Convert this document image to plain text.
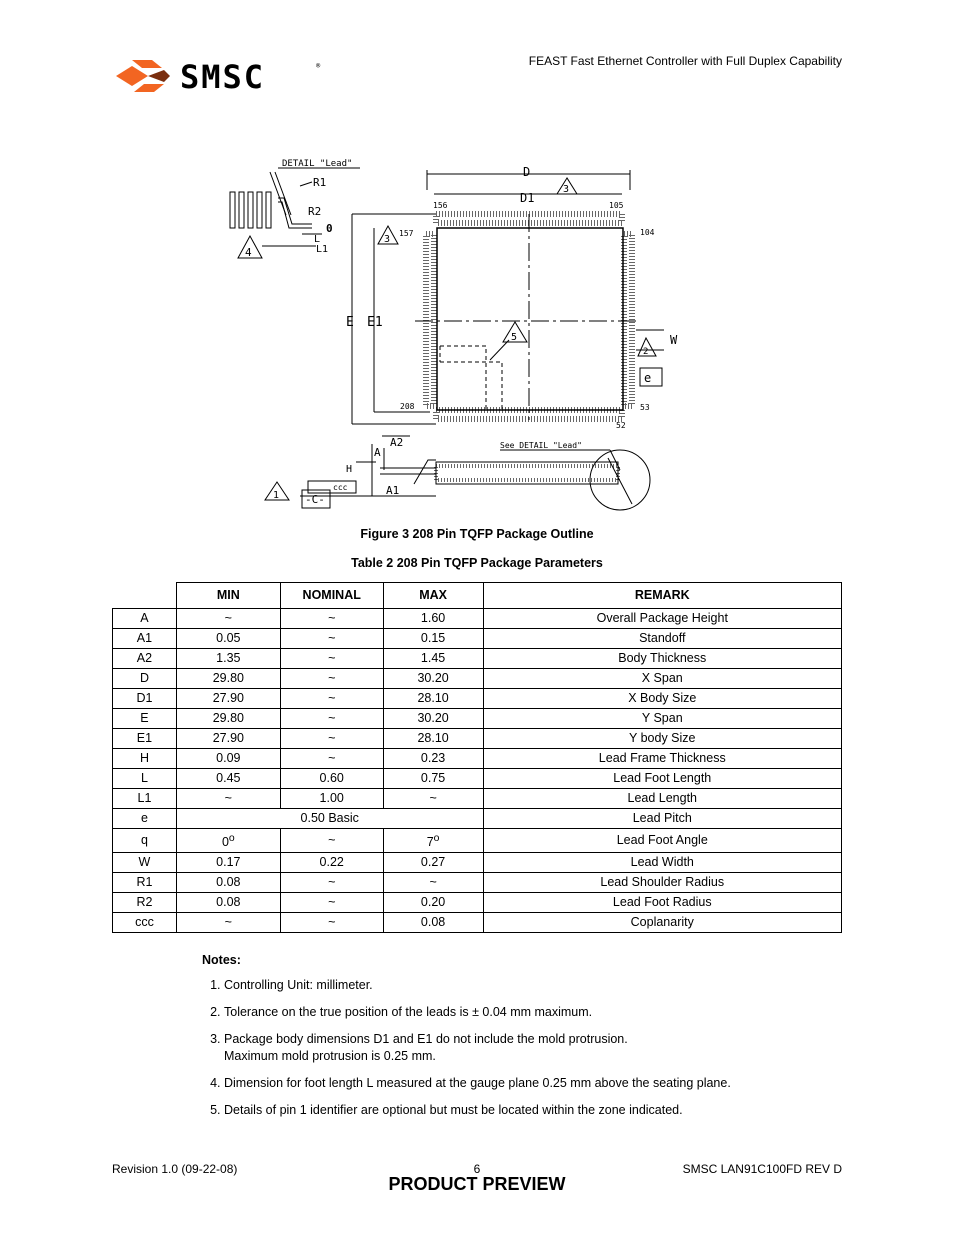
SMSC	®	FEAST Fast Ethernet Controller with Full Duplex Capability
DETAIL "Lead"
R1
R2
0
L
L1
4
D
D1
3
156	105
104
3
157
E E1
5
2
W
e
208	53
52
A
A2	See DETAIL "Lead"
H
1 -C-
ccc	A1
Figure 3 208 Pin TQFP Package Outline
Table 2 208 Pin TQFP Package Parameters
	MIN	NOMINAL	MAX	REMARK
A	~	~	1.60	Overall Package Height
A1	0.05	~	0.15	Standoff
A2	1.35	~	1.45	Body Thickness
D	29.80	~	30.20	X Span
D1	27.90	~	28.10	X Body Size
E	29.80	~	30.20	Y Span
E1	27.90	~	28.10	Y body Size
H	0.09	~	0.23	Lead Frame Thickness
L	0.45	0.60	0.75	Lead Foot Length
L1	~	1.00	~	Lead Length
e	0.50 Basic			Lead Pitch
q	0$^o$	~	7$^o$	Lead Foot Angle
W	0.17	0.22	0.27	Lead Width
R1	0.08	~	~	Lead Shoulder Radius
R2	0.08	~	0.20	Lead Foot Radius
ccc	~	~	0.08	Coplanarity
Notes:
1. Controlling Unit: millimeter.
2. Tolerance on the true position of the leads is ± 0.04 mm maximum.
3. Package body dimensions D1 and E1 do not include the mold protrusion.
Maximum mold protrusion is 0.25 mm.
4. Dimension for foot length L measured at the gauge plane 0.25 mm above the seating plane.
5. Details of pin 1 identifier are optional but must be located within the zone indicated.
Revision 1.0 (09-22-08)	6	SMSC LAN91C100FD REV D
PRODUCT PREVIEW
